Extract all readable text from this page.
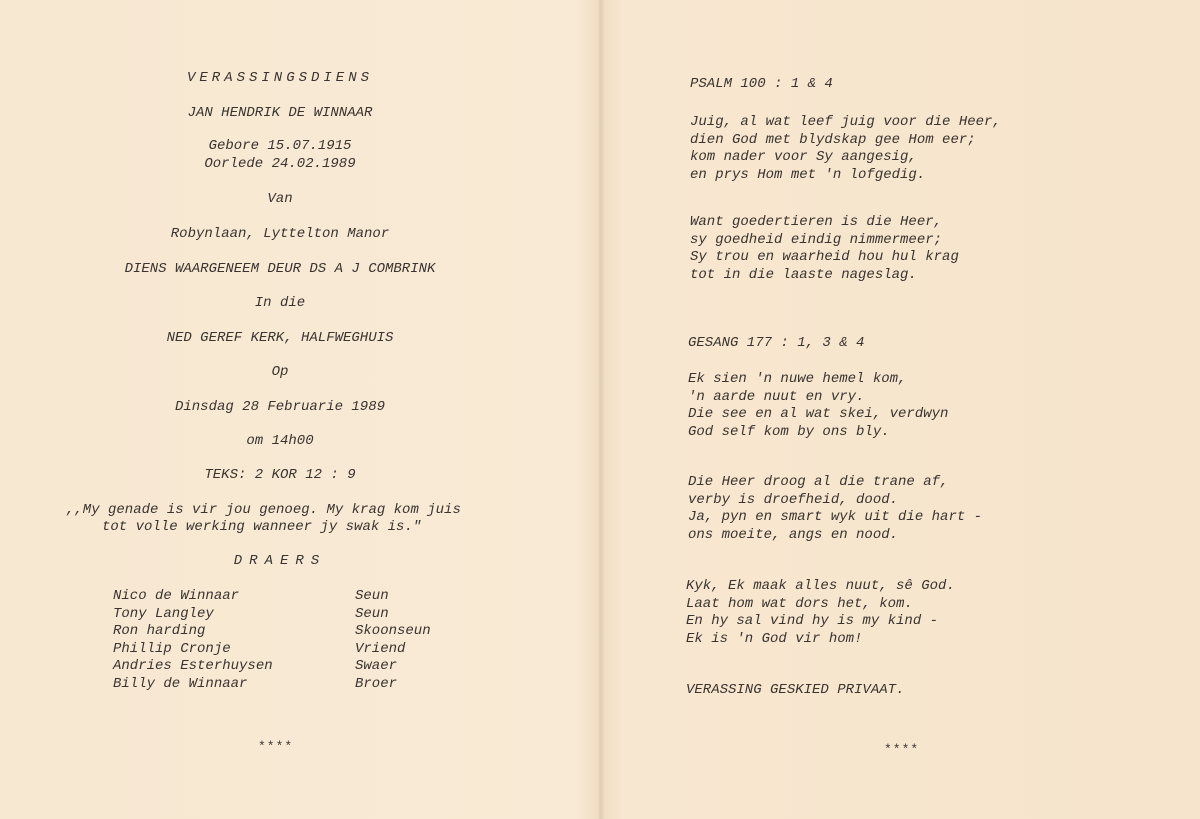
VERASSINGSDIENS
JAN HENDRIK DE WINNAAR
Gebore 15.07.1915
Oorlede 24.02.1989
Van
Robynlaan, Lyttelton Manor
DIENS WAARGENEEM DEUR DS A J COMBRINK
In die
NED GEREF KERK, HALFWEGHUIS
Op
Dinsdag 28 Februarie 1989
om 14h00
TEKS: 2 KOR 12 : 9
,,My genade is vir jou genoeg. My krag kom juis
tot volle werking wanneer jy swak is."
DRAERS
Nico de Winnaar
Tony Langley
Ron harding
Phillip Cronje
Andries Esterhuysen
Billy de Winnaar
Seun
Seun
Skoonseun
Vriend
Swaer
Broer
****
PSALM 100 : 1 & 4
Juig, al wat leef juig voor die Heer,
dien God met blydskap gee Hom eer;
kom nader voor Sy aangesig,
en prys Hom met 'n lofgedig.
Want goedertieren is die Heer,
sy goedheid eindig nimmermeer;
Sy trou en waarheid hou hul krag
tot in die laaste nageslag.
GESANG 177 : 1, 3 & 4
Ek sien 'n nuwe hemel kom,
'n aarde nuut en vry.
Die see en al wat skei, verdwyn
God self kom by ons bly.
Die Heer droog al die trane af,
verby is droefheid, dood.
Ja, pyn en smart wyk uit die hart -
ons moeite, angs en nood.
Kyk, Ek maak alles nuut, sê God.
Laat hom wat dors het, kom.
En hy sal vind hy is my kind -
Ek is 'n God vir hom!
VERASSING GESKIED PRIVAAT.
****
